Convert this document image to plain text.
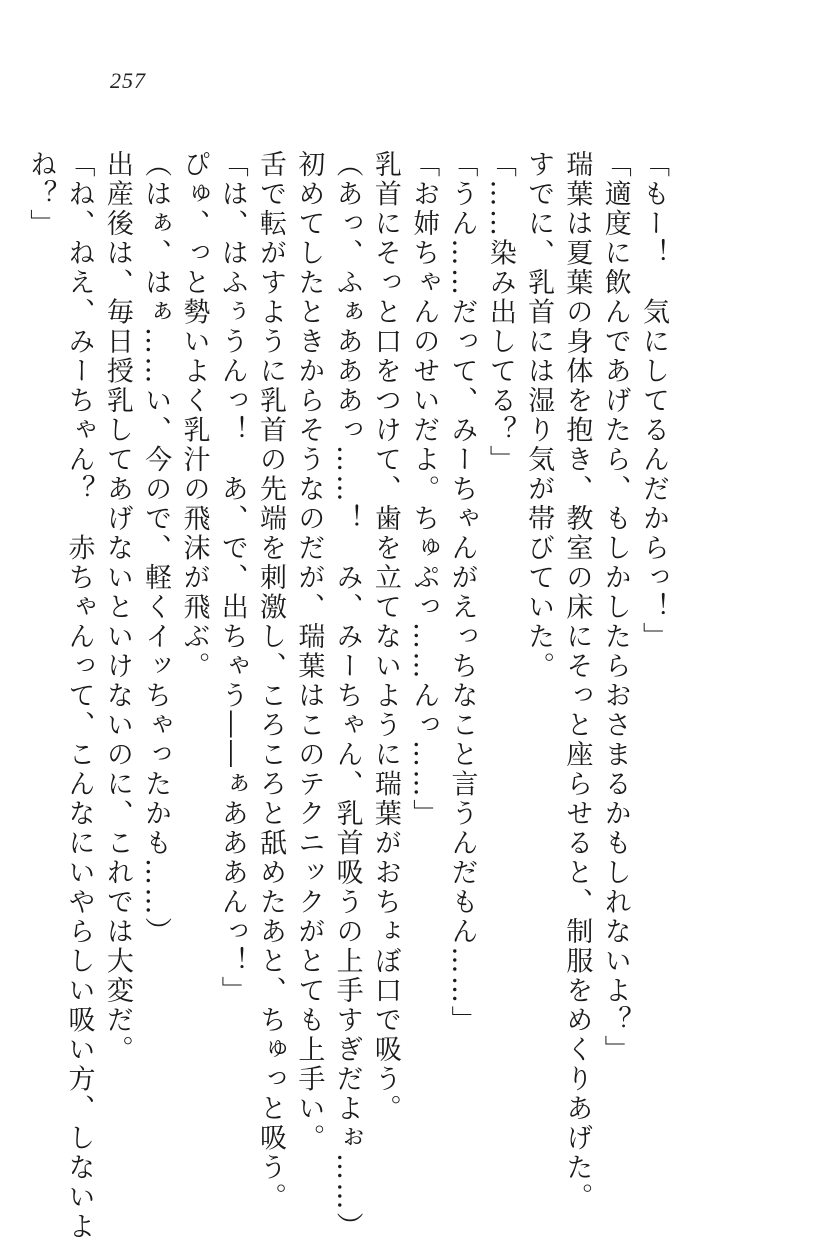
257
「もー！　気にしてるんだからっ！」
「適度に飲んであげたら、もしかしたらおさまるかもしれないよ？」
瑞葉は夏葉の身体を抱き、教室の床にそっと座らせると、制服をめくりあげた。
すでに、乳首には湿り気が帯びていた。
「……染み出してる？」
「うん……だって、みーちゃんがえっちなこと言うんだもん……」
「お姉ちゃんのせいだよ。ちゅぷっ……んっ……」
乳首にそっと口をつけて、歯を立てないように瑞葉がおちょぼ口で吸う。
（あっ、ふぁあああっ……！　み、みーちゃん、乳首吸うの上手すぎだよぉ……）
初めてしたときからそうなのだが、瑞葉はこのテクニックがとても上手い。
舌で転がすように乳首の先端を刺激し、ころころと舐めたあと、ちゅっと吸う。
「は、はふぅうんっ！　あ、で、出ちゃう――ぁあああんっ！」
ぴゅ、っと勢いよく乳汁の飛沫が飛ぶ。
（はぁ、はぁ……い、今ので、軽くイッちゃったかも……）
出産後は、毎日授乳してあげないといけないのに、これでは大変だ。
「ね、ねえ、みーちゃん？　赤ちゃんって、こんなにいやらしい吸い方、しないよ
ね？」
